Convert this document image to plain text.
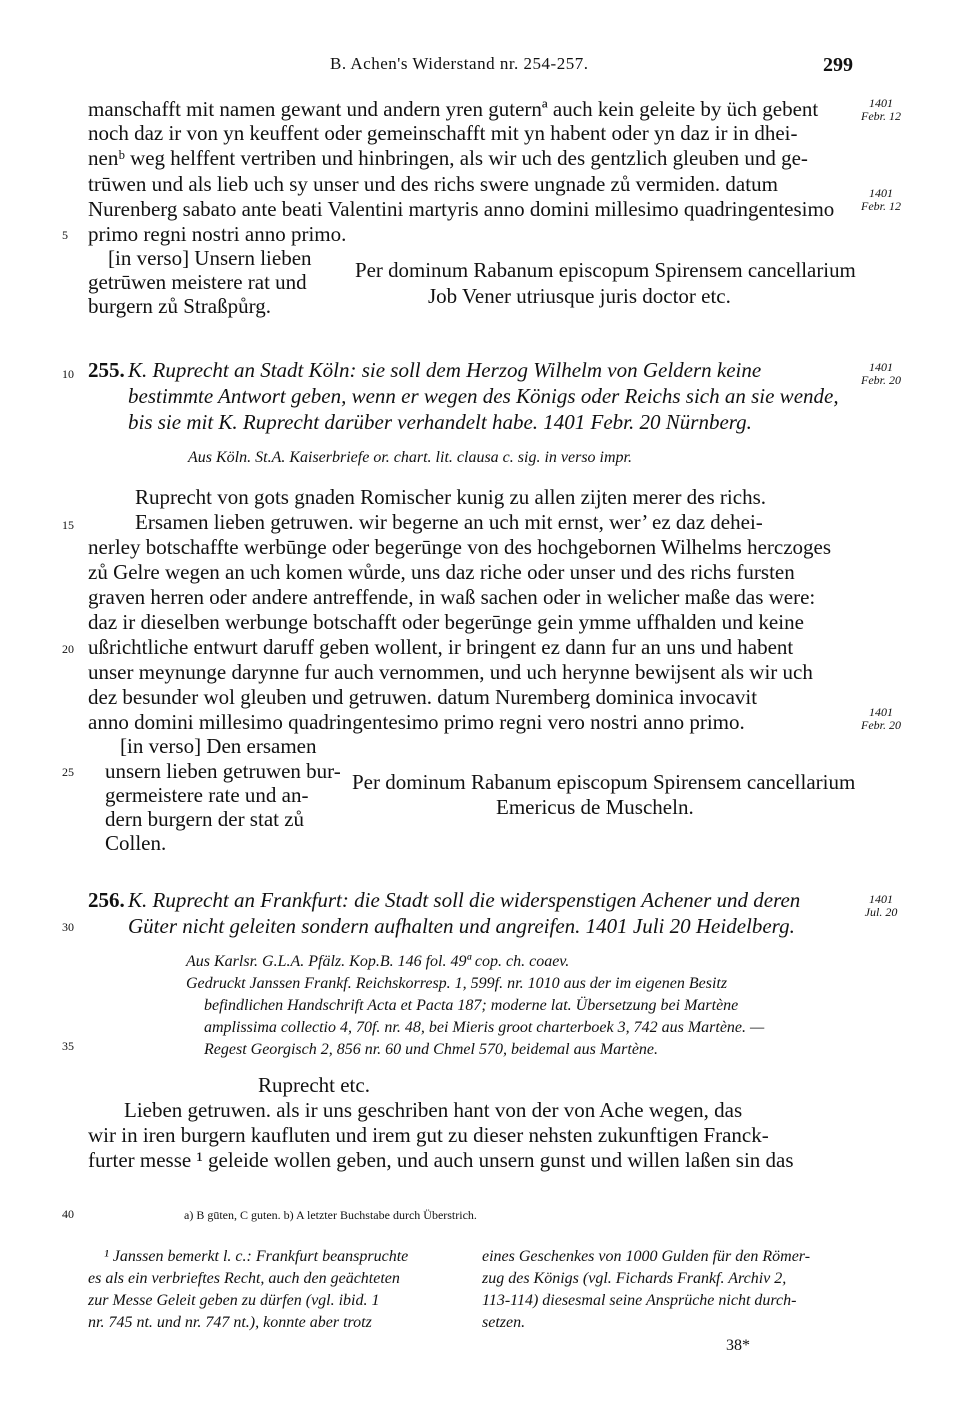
B. Achen's Widerstand nr. 254-257.	299
5
10
15
20
25
30
35
40
manschafft mit namen gewant und andern yren guternª auch kein geleite by üch gebent
noch daz ir von yn keuffent oder gemeinschafft mit yn habent oder yn daz ir in dhei-
nenᵇ weg helffent vertriben und hinbringen, als wir uch des gentzlich gleuben und ge-
trūwen und als lieb uch sy unser und des richs swere ungnade zů vermiden. datum
Nurenberg sabato ante beati Valentini martyris anno domini millesimo quadringentesimo
primo regni nostri anno primo.
[in verso] Unsern lieben
getrūwen meistere rat und
burgern zů Straßpůrg.
Per dominum Rabanum episcopum Spirensem cancellarium
Job Vener utriusque juris doctor etc.
1401
Febr. 12
1401
Febr. 12
255. K. Ruprecht an Stadt Köln: sie soll dem Herzog Wilhelm von Geldern keine
bestimmte Antwort geben, wenn er wegen des Königs oder Reichs sich an sie wende,
bis sie mit K. Ruprecht darüber verhandelt habe. 1401 Febr. 20 Nürnberg.
1401
Febr. 20
Aus Köln. St.A. Kaiserbriefe or. chart. lit. clausa c. sig. in verso impr.
Ruprecht von gots gnaden Romischer kunig zu allen zijten merer des richs.
Ersamen lieben getruwen. wir begerne an uch mit ernst, wer’ ez daz dehei-
nerley botschaffte werbūnge oder begerūnge von des hochgebornen Wilhelms herczoges
zů Gelre wegen an uch komen wůrde, uns daz riche oder unser und des richs fursten
graven herren oder andere antreffende, in waß sachen oder in welicher maße das were:
daz ir dieselben werbunge botschafft oder begerūnge gein ymme uffhalden und keine
ußrichtliche entwurt daruff geben wollent, ir bringent ez dann fur an uns und habent
unser meynunge darynne fur auch vernommen, und uch herynne bewijsent als wir uch
dez besunder wol gleuben und getruwen. datum Nuremberg dominica invocavit
anno domini millesimo quadringentesimo primo regni vero nostri anno primo.	1401
Febr. 20
[in verso] Den ersamen
unsern lieben getruwen bur-
germeistere rate und an-
dern burgern der stat zů
Collen.
Per dominum Rabanum episcopum Spirensem cancellarium
Emericus de Muscheln.
256. K. Ruprecht an Frankfurt: die Stadt soll die widerspenstigen Achener und deren
Güter nicht geleiten sondern aufhalten und angreifen. 1401 Juli 20 Heidelberg.
1401
Jul. 20
Aus Karlsr. G.L.A. Pfälz. Kop.B. 146 fol. 49ª cop. ch. coaev.
Gedruckt Janssen Frankf. Reichskorresp. 1, 599f. nr. 1010 aus der im eigenen Besitz
befindlichen Handschrift Acta et Pacta 187; moderne lat. Übersetzung bei Martène
amplissima collectio 4, 70f. nr. 48, bei Mieris groot charterboek 3, 742 aus Martène. —
Regest Georgisch 2, 856 nr. 60 und Chmel 570, beidemal aus Martène.
Ruprecht etc.
Lieben getruwen. als ir uns geschriben hant von der von Ache wegen, das
wir in iren burgern kaufluten und irem gut zu dieser nehsten zukunftigen Franck-
furter messe ¹ geleide wollen geben, und auch unsern gunst und willen laßen sin das
a) B gūten, C guten. b) A letzter Buchstabe durch Überstrich.
¹ Janssen bemerkt l. c.: Frankfurt beanspruchte
es als ein verbrieftes Recht, auch den geächteten
zur Messe Geleit geben zu dürfen (vgl. ibid. 1
nr. 745 nt. und nr. 747 nt.), konnte aber trotz
eines Geschenkes von 1000 Gulden für den Römer-
zug des Königs (vgl. Fichards Frankf. Archiv 2,
113-114) diesesmal seine Ansprüche nicht durch-
setzen.
38*
